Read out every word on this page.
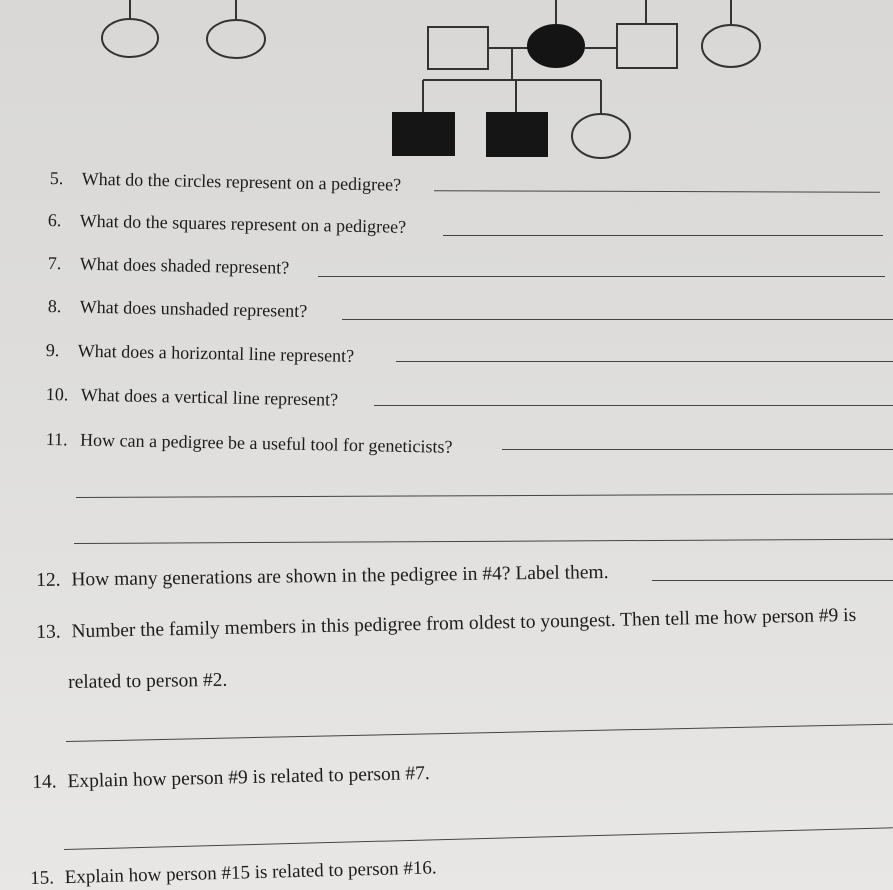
5. What do the circles represent on a pedigree?
6. What do the squares represent on a pedigree?
7. What does shaded represent?
8. What does unshaded represent?
9. What does a horizontal line represent?
10. What does a vertical line represent?
11. How can a pedigree be a useful tool for geneticists?
12. How many generations are shown in the pedigree in #4? Label them.
13. Number the family members in this pedigree from oldest to youngest. Then tell me how person #9 is
related to person #2.
14. Explain how person #9 is related to person #7.
15. Explain how person #15 is related to person #16.
